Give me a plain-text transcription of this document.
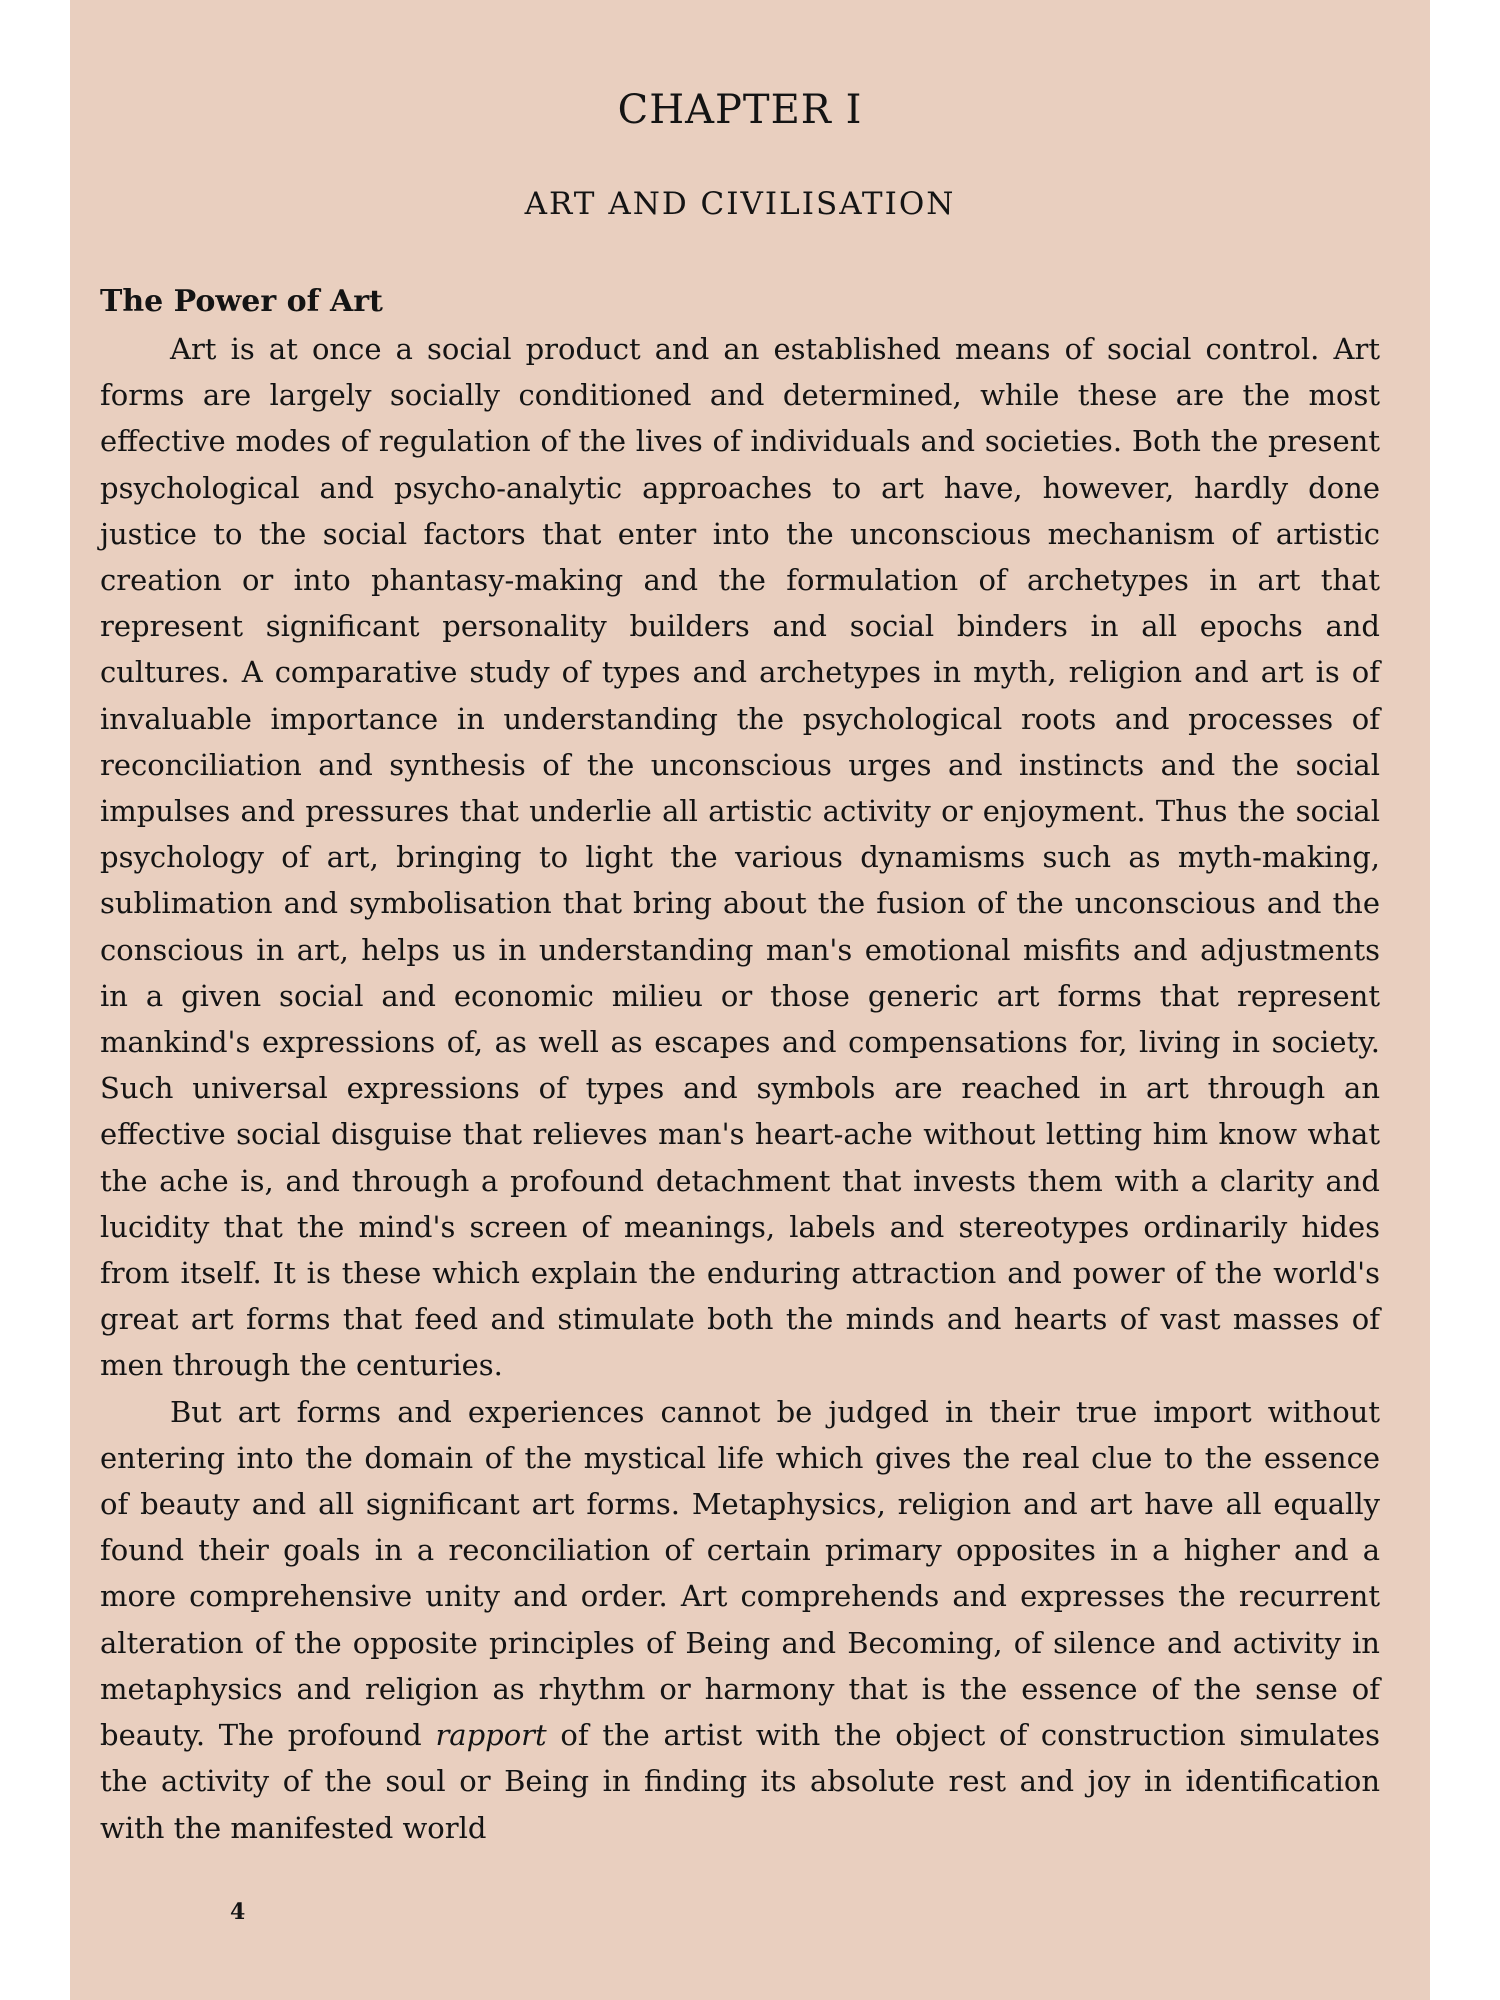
CHAPTER I
ART AND CIVILISATION
The Power of Art

Art is at once a social product and an established means of social control. Art forms are largely socially conditioned and determined, while these are the most effective modes of regulation of the lives of individuals and societies. Both the present psychological and psycho-analytic approaches to art have, however, hardly done justice to the social factors that enter into the unconscious mechanism of artistic creation or into phantasy-making and the formulation of archetypes in art that represent significant personality builders and social binders in all epochs and cultures. A comparative study of types and archetypes in myth, religion and art is of invaluable importance in understanding the psychological roots and processes of reconciliation and synthesis of the unconscious urges and instincts and the social impulses and pressures that underlie all artistic activity or enjoyment. Thus the social psychology of art, bringing to light the various dynamisms such as myth-making, sublimation and symbolisation that bring about the fusion of the unconscious and the conscious in art, helps us in understanding man's emotional misfits and adjustments in a given social and economic milieu or those generic art forms that represent mankind's expressions of, as well as escapes and compensations for, living in society. Such universal expressions of types and symbols are reached in art through an effective social disguise that relieves man's heart-ache without letting him know what the ache is, and through a profound detachment that invests them with a clarity and lucidity that the mind's screen of meanings, labels and stereotypes ordinarily hides from itself. It is these which explain the enduring attraction and power of the world's great art forms that feed and stimulate both the minds and hearts of vast masses of men through the centuries.

But art forms and experiences cannot be judged in their true import without entering into the domain of the mystical life which gives the real clue to the essence of beauty and all significant art forms. Metaphysics, religion and art have all equally found their goals in a reconciliation of certain primary opposites in a higher and a more comprehensive unity and order. Art comprehends and expresses the recurrent alteration of the opposite principles of Being and Becoming, of silence and activity in metaphysics and religion as rhythm or harmony that is the essence of the sense of beauty. The profound rapport of the artist with the object of construction simulates the activity of the soul or Being in finding its absolute rest and joy in identification with the manifested world

4
